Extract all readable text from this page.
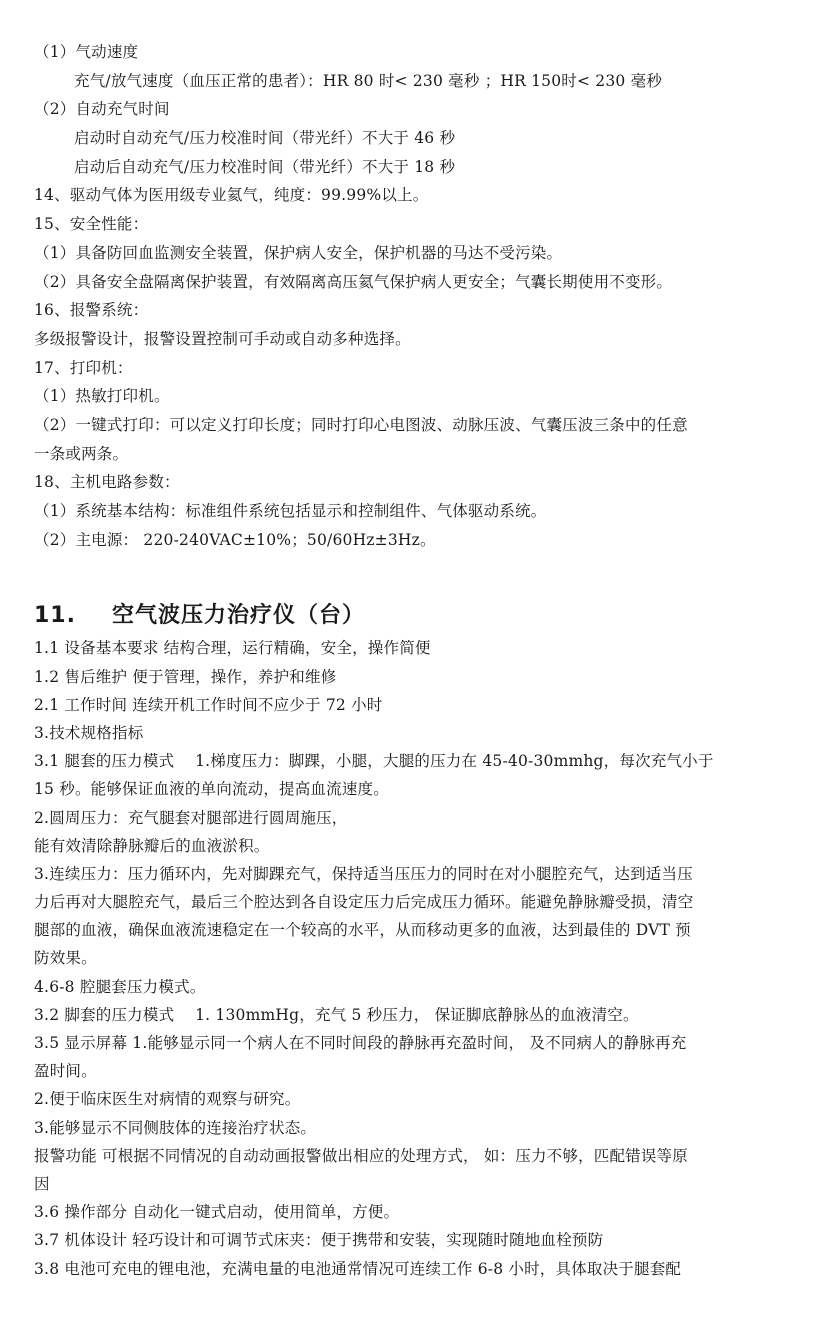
（1）气动速度
充气/放气速度（血压正常的患者）：HR 80 时< 230 毫秒 ；HR 150时< 230 毫秒
（2）自动充气时间
启动时自动充气/压力校准时间（带光纤）不大于 46 秒
启动后自动充气/压力校准时间（带光纤）不大于 18 秒
14、驱动气体为医用级专业氦气，纯度：99.99%以上。
15、安全性能：
（1）具备防回血监测安全装置，保护病人安全，保护机器的马达不受污染。
（2）具备安全盘隔离保护装置，有效隔离高压氦气保护病人更安全；气囊长期使用不变形。
16、报警系统：
多级报警设计，报警设置控制可手动或自动多种选择。
17、打印机：
（1）热敏打印机。
（2）一键式打印：可以定义打印长度；同时打印心电图波、动脉压波、气囊压波三条中的任意
一条或两条。
18、主机电路参数：
（1）系统基本结构：标准组件系统包括显示和控制组件、气体驱动系统。
（2）主电源： 220-240VAC±10%；50/60Hz±3Hz。
11.	空气波压力治疗仪（台）
1.1 设备基本要求 结构合理，运行精确，安全，操作简便
1.2 售后维护 便于管理，操作，养护和维修
2.1 工作时间 连续开机工作时间不应少于 72 小时
3.技术规格指标
3.1 腿套的压力模式　 1.梯度压力：脚踝，小腿，大腿的压力在 45-40-30mmhg，每次充气小于
15 秒。能够保证血液的单向流动，提高血流速度。
2.圆周压力：充气腿套对腿部进行圆周施压，
能有效清除静脉瓣后的血液淤积。
3.连续压力：压力循环内，先对脚踝充气，保持适当压压力的同时在对小腿腔充气，达到适当压
力后再对大腿腔充气，最后三个腔达到各自设定压力后完成压力循环。能避免静脉瓣受损，清空
腿部的血液，确保血液流速稳定在一个较高的水平，从而移动更多的血液，达到最佳的 DVT 预
防效果。
4.6-8 腔腿套压力模式。
3.2 脚套的压力模式　 1. 130mmHg，充气 5 秒压力， 保证脚底静脉丛的血液清空。
3.5 显示屏幕 1.能够显示同一个病人在不同时间段的静脉再充盈时间， 及不同病人的静脉再充
盈时间。
2.便于临床医生对病情的观察与研究。
3.能够显示不同侧肢体的连接治疗状态。
报警功能 可根据不同情况的自动动画报警做出相应的处理方式， 如：压力不够，匹配错误等原
因
3.6 操作部分 自动化一键式启动，使用简单，方便。
3.7 机体设计 轻巧设计和可调节式床夹：便于携带和安装，实现随时随地血栓预防
3.8 电池可充电的锂电池，充满电量的电池通常情况可连续工作 6-8 小时，具体取决于腿套配
